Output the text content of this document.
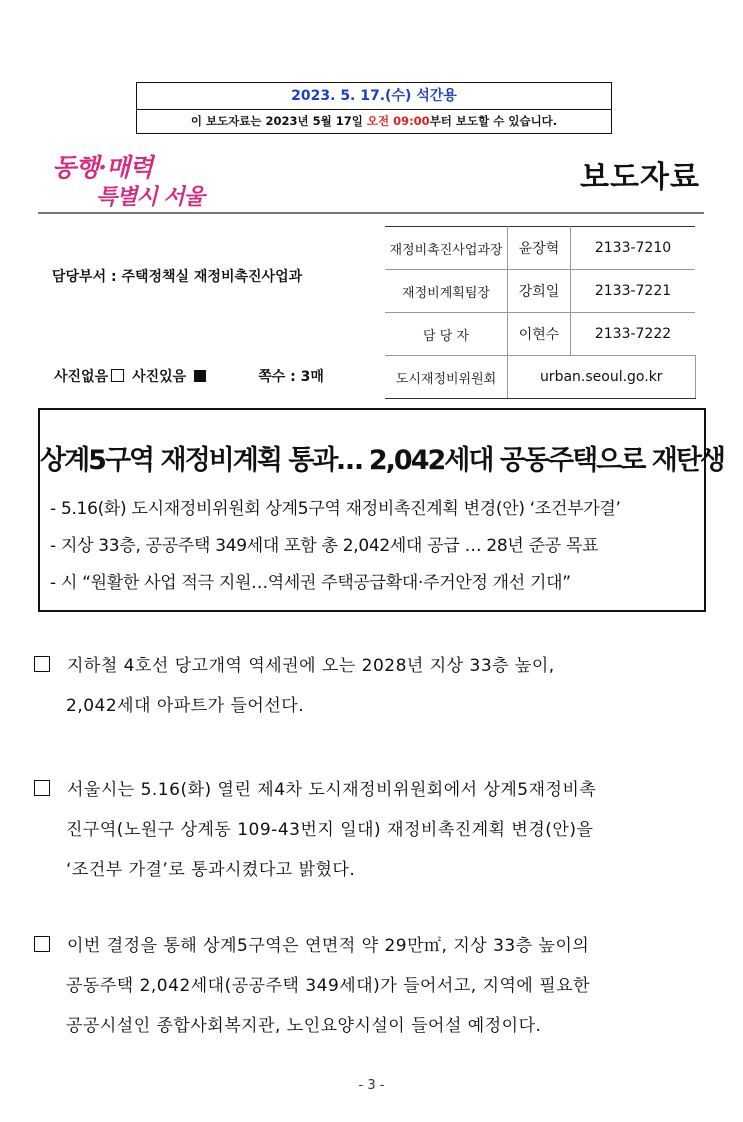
2023. 5. 17.(수) 석간용
이 보도자료는 2023년 5월 17일 오전 09:00부터 보도할 수 있습니다.
동행·매력
특별시 서울
보도자료
담당부서 : 주택정책실 재정비촉진사업과
사진없음 사진있음	쪽수 : 3매
재정비촉진사업과장	윤장혁	2133-7210
재정비계획팀장	강희일	2133-7221
담 당 자	이현수	2133-7222
도시재정비위원회	urban.seoul.go.kr	
상계5구역 재정비계획 통과… 2,042세대 공동주택으로 재탄생
- 5.16(화) 도시재정비위원회 상계5구역 재정비촉진계획 변경(안) ‘조건부가결’
- 지상 33층, 공공주택 349세대 포함 총 2,042세대 공급 … 28년 준공 목표
- 시 “원활한 사업 적극 지원…역세권 주택공급확대·주거안정 개선 기대”
지하철 4호선 당고개역 역세권에 오는 2028년 지상 33층 높이,
2,042세대 아파트가 들어선다.
서울시는 5.16(화) 열린 제4차 도시재정비위원회에서 상계5재정비촉
진구역(노원구 상계동 109-43번지 일대) 재정비촉진계획 변경(안)을
‘조건부 가결’로 통과시켰다고 밝혔다.
이번 결정을 통해 상계5구역은 연면적 약 29만㎡, 지상 33층 높이의
공동주택 2,042세대(공공주택 349세대)가 들어서고, 지역에 필요한
공공시설인 종합사회복지관, 노인요양시설이 들어설 예정이다.
- 3 -
